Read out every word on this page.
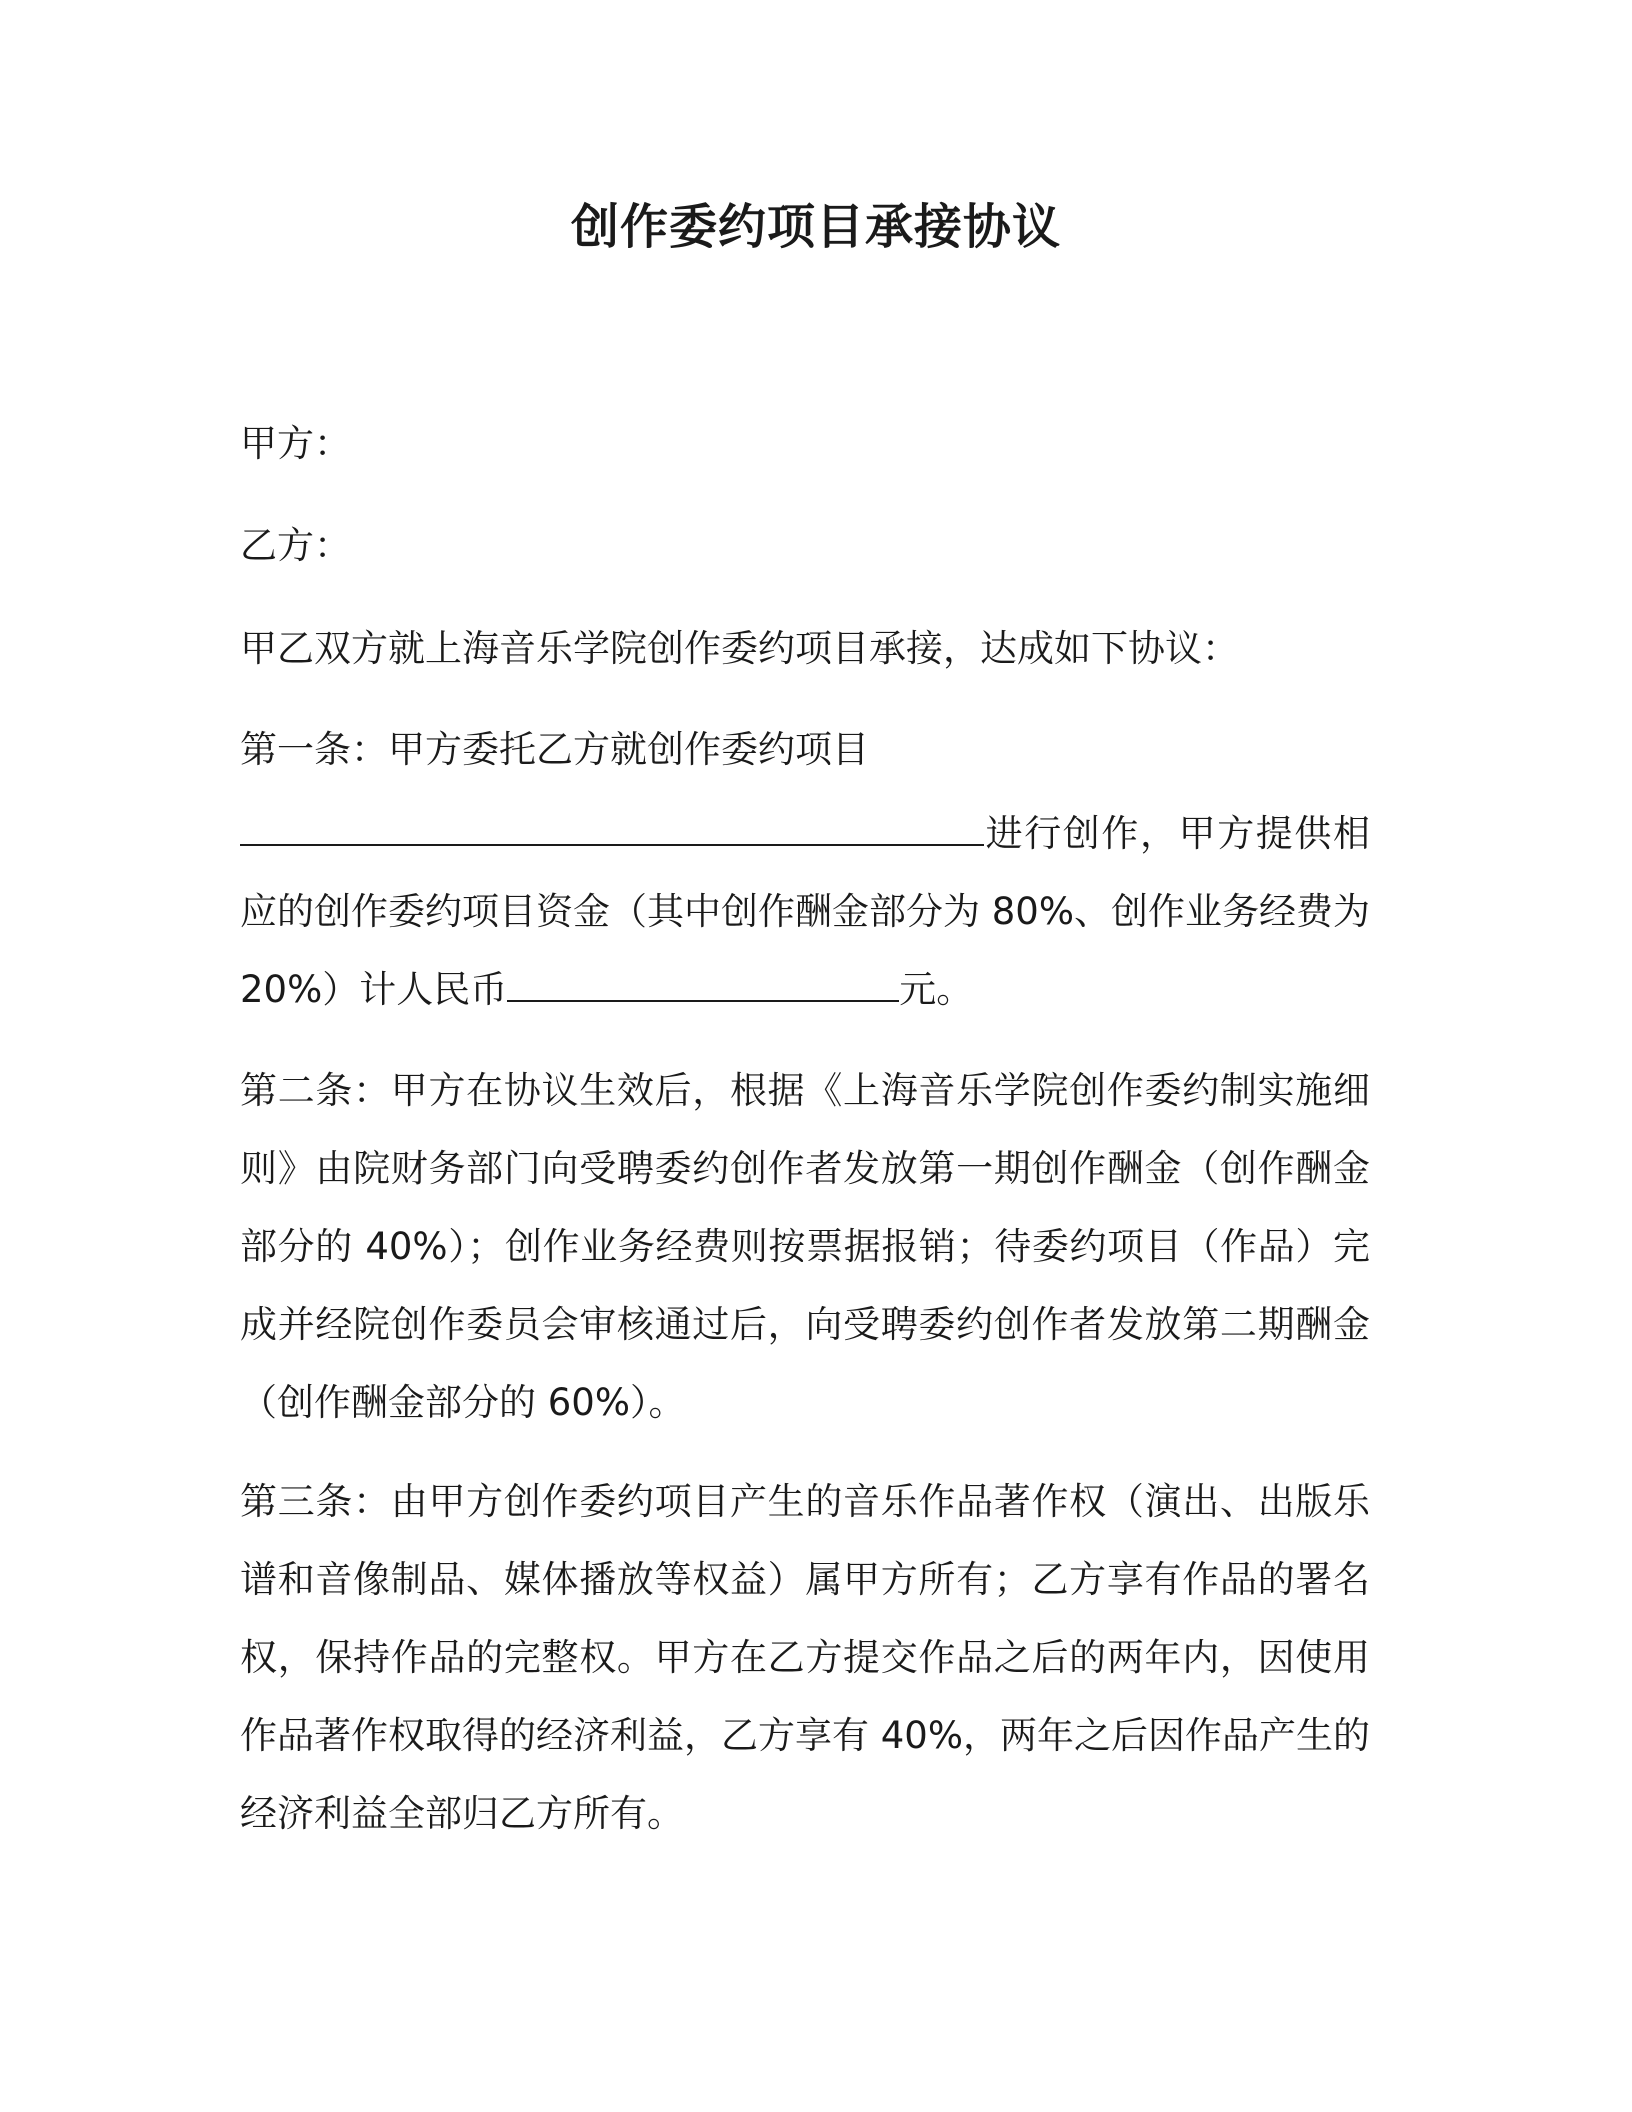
创作委约项目承接协议
甲方：
乙方：
甲乙双方就上海音乐学院创作委约项目承接，达成如下协议：
第一条：甲方委托乙方就创作委约项目
进行创作，甲方提供相
应的创作委约项目资金（其中创作酬金部分为 80%、创作业务经费为
20%）计人民币	元。
第二条：甲方在协议生效后，根据《上海音乐学院创作委约制实施细
则》由院财务部门向受聘委约创作者发放第一期创作酬金（创作酬金
部分的 40%）；创作业务经费则按票据报销；待委约项目（作品）完
成并经院创作委员会审核通过后，向受聘委约创作者发放第二期酬金
（创作酬金部分的 60%）。
第三条：由甲方创作委约项目产生的音乐作品著作权（演出、出版乐
谱和音像制品、媒体播放等权益）属甲方所有；乙方享有作品的署名
权，保持作品的完整权。甲方在乙方提交作品之后的两年内，因使用
作品著作权取得的经济利益，乙方享有 40%，两年之后因作品产生的
经济利益全部归乙方所有。
